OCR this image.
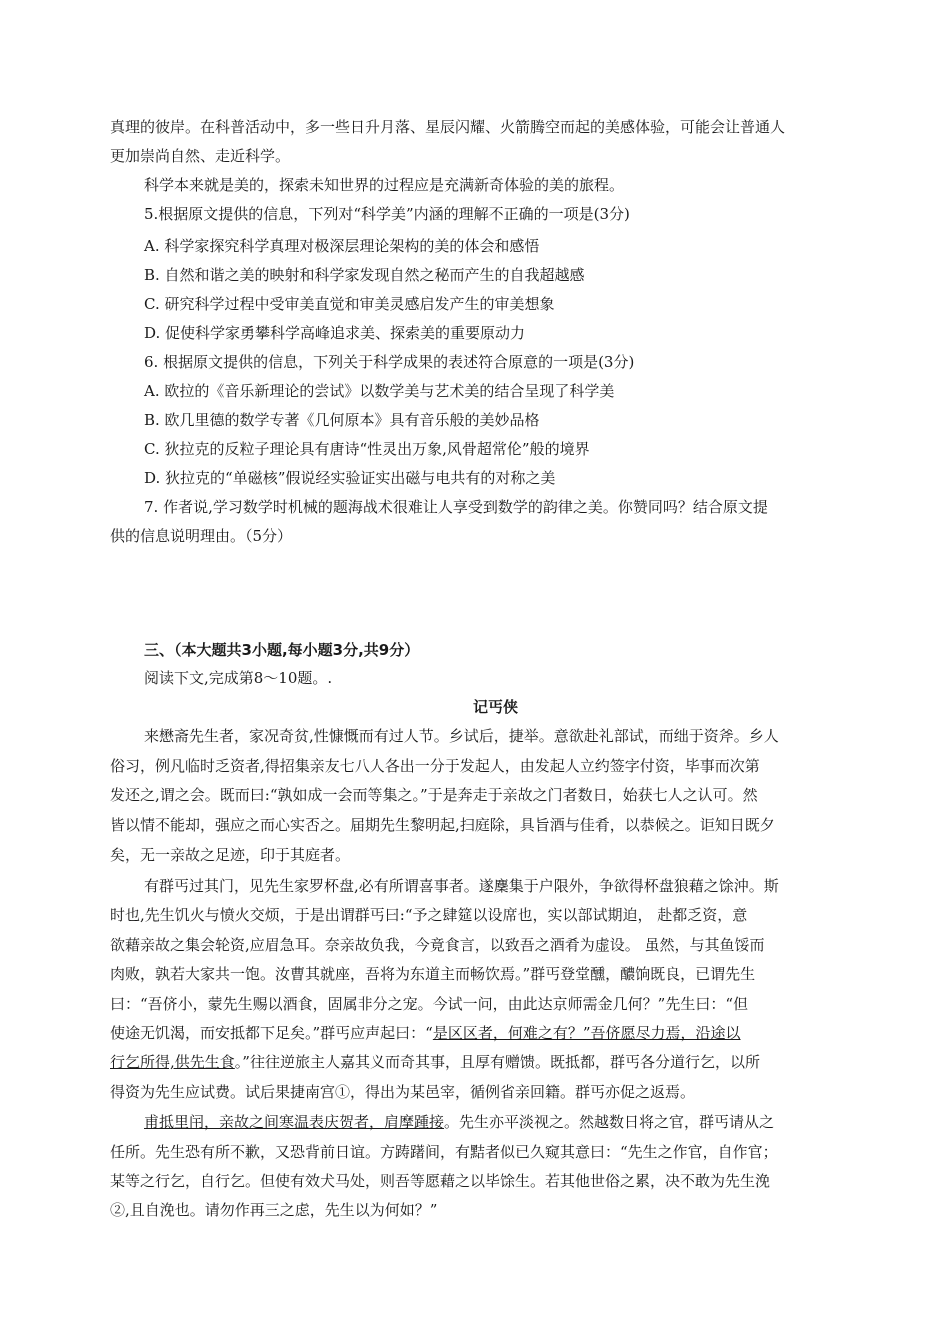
真理的彼岸。在科普活动中，多一些日升月落、星辰闪耀、火箭腾空而起的美感体验，可能会让普通人
更加崇尚自然、走近科学。
科学本来就是美的，探索未知世界的过程应是充满新奇体验的美的旅程。
5.根据原文提供的信息，下列对“科学美”内涵的理解不正确的一项是(3分)
A. 科学家探究科学真理对极深层理论架构的美的体会和感悟
B. 自然和谐之美的映射和科学家发现自然之秘而产生的自我超越感
C. 研究科学过程中受审美直觉和审美灵感启发产生的审美想象
D. 促使科学家勇攀科学高峰追求美、探索美的重要原动力
6. 根据原文提供的信息，下列关于科学成果的表述符合原意的一项是(3分)
A. 欧拉的《音乐新理论的尝试》以数学美与艺术美的结合呈现了科学美
B. 欧几里德的数学专著《几何原本》具有音乐般的美妙品格
C. 狄拉克的反粒子理论具有唐诗“性灵出万象,风骨超常伦”般的境界
D. 狄拉克的“单磁核”假说经实验证实出磁与电共有的对称之美
7. 作者说,学习数学时机械的题海战术很难让人享受到数学的韵律之美。你赞同吗？结合原文提
供的信息说明理由。（5分）
三、（本大题共3小题,每小题3分,共9分）
阅读下文,完成第8～10题。.
记丐侠
来懋斋先生者，家况奇贫,性慷慨而有过人节。乡试后，捷举。意欲赴礼部试，而绌于资斧。乡人
俗习，例凡临时乏资者,得招集亲友七八人各出一分于发起人，由发起人立约签字付资，毕事而次第
发还之,谓之会。既而曰:“孰如成一会而等集之。”于是奔走于亲故之门者数日，始获七人之认可。然
皆以情不能却，强应之而心实否之。届期先生黎明起,扫庭除，具旨酒与佳肴，以恭候之。讵知日既夕
矣，无一亲故之足迹，印于其庭者。
有群丐过其门，见先生家罗杯盘,必有所谓喜事者。遂麇集于户限外，争欲得杯盘狼藉之馀沖。斯
时也,先生饥火与愤火交烦，于是出谓群丐曰:“予之肆筵以设席也，实以部试期迫， 赴都乏资，意
欲藉亲故之集会轮资,应眉急耳。奈亲故负我，今竟食言，以致吾之酒肴为虚设。 虽然，与其鱼馁而
肉败，孰若大家共一饱。汝曹其就座，吾将为东道主而畅饮焉。”群丐登堂醺，醲饷既良，已谓先生
曰：“吾侪小，蒙先生赐以酒食，固属非分之宠。今试一问，由此达京师需金几何？”先生曰：“但
使途无饥渴，而安抵都下足矣。”群丐应声起曰：“是区区者，何难之有？”吾侪愿尽力焉，沿途以
行乞所得,供先生食。”往往逆旅主人嘉其义而奇其事，且厚有赠馈。既抵都，群丐各分道行乞，以所
得资为先生应试费。试后果捷南宫①，得出为某邑宰，循例省亲回籍。群丐亦促之返焉。
甫抵里闬，亲故之间寒温表庆贺者，肩摩踵接。先生亦平淡视之。然越数日将之官，群丐请从之
任所。先生恐有所不歉，又恐背前日谊。方踌躇间，有黠者似已久窥其意曰：“先生之作官，自作官；
某等之行乞，自行乞。但使有效犬马处，则吾等愿藉之以毕馀生。若其他世俗之累，决不敢为先生浼
②,且自浼也。请勿作再三之虑，先生以为何如？”
